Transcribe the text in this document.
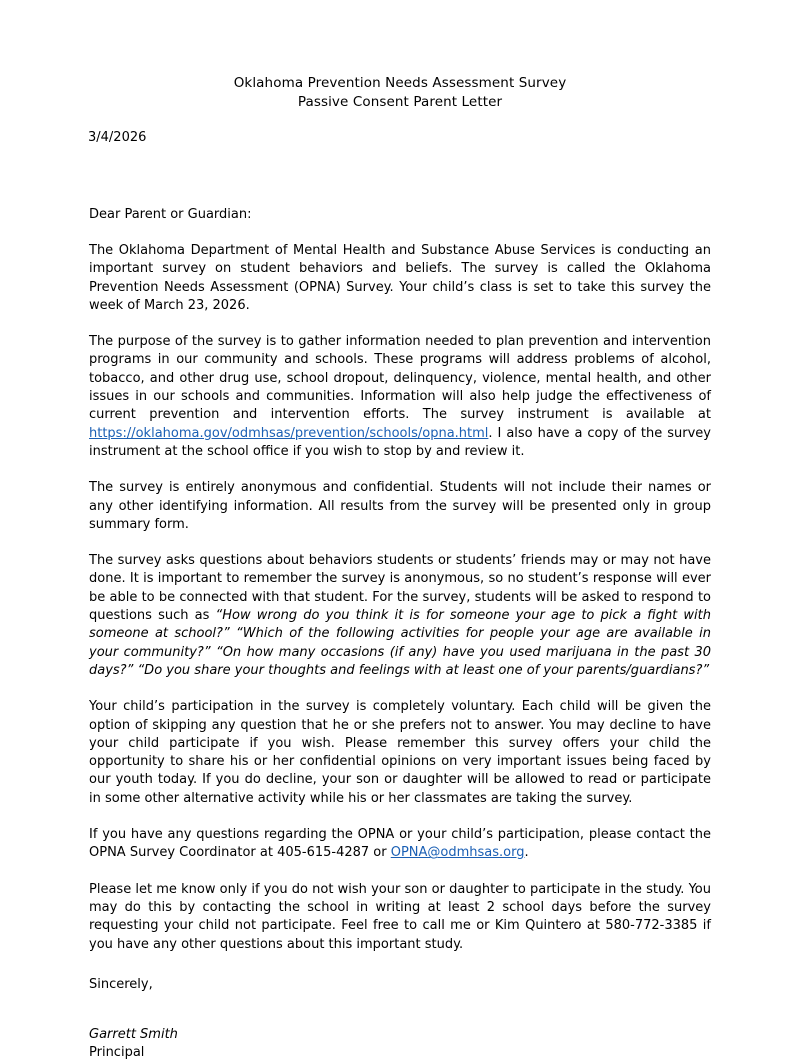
Oklahoma Prevention Needs Assessment Survey
Passive Consent Parent Letter
3/4/2026
Dear Parent or Guardian:

The Oklahoma Department of Mental Health and Substance Abuse Services is conducting an important survey on student behaviors and beliefs. The survey is called the Oklahoma Prevention Needs Assessment (OPNA) Survey. Your child’s class is set to take this survey the week of March 23, 2026.

The purpose of the survey is to gather information needed to plan prevention and intervention programs in our community and schools. These programs will address problems of alcohol, tobacco, and other drug use, school dropout, delinquency, violence, mental health, and other issues in our schools and communities. Information will also help judge the effectiveness of current prevention and intervention efforts. The survey instrument is available at https://oklahoma.gov/odmhsas/prevention/schools/opna.html. I also have a copy of the survey instrument at the school office if you wish to stop by and review it.

The survey is entirely anonymous and confidential. Students will not include their names or any other identifying information. All results from the survey will be presented only in group summary form.

The survey asks questions about behaviors students or students’ friends may or may not have done. It is important to remember the survey is anonymous, so no student’s response will ever be able to be connected with that student. For the survey, students will be asked to respond to questions such as “How wrong do you think it is for someone your age to pick a fight with someone at school?” “Which of the following activities for people your age are available in your community?” “On how many occasions (if any) have you used marijuana in the past 30 days?” “Do you share your thoughts and feelings with at least one of your parents/guardians?”

Your child’s participation in the survey is completely voluntary. Each child will be given the option of skipping any question that he or she prefers not to answer. You may decline to have your child participate if you wish. Please remember this survey offers your child the opportunity to share his or her confidential opinions on very important issues being faced by our youth today. If you do decline, your son or daughter will be allowed to read or participate in some other alternative activity while his or her classmates are taking the survey.

If you have any questions regarding the OPNA or your child’s participation, please contact the OPNA Survey Coordinator at 405-615-4287 or OPNA@odmhsas.org.

Please let me know only if you do not wish your son or daughter to participate in the study. You may do this by contacting the school in writing at least 2 school days before the survey requesting your child not participate. Feel free to call me or Kim Quintero at 580-772-3385 if you have any other questions about this important study.

Sincerely,
Garrett Smith
Principal
